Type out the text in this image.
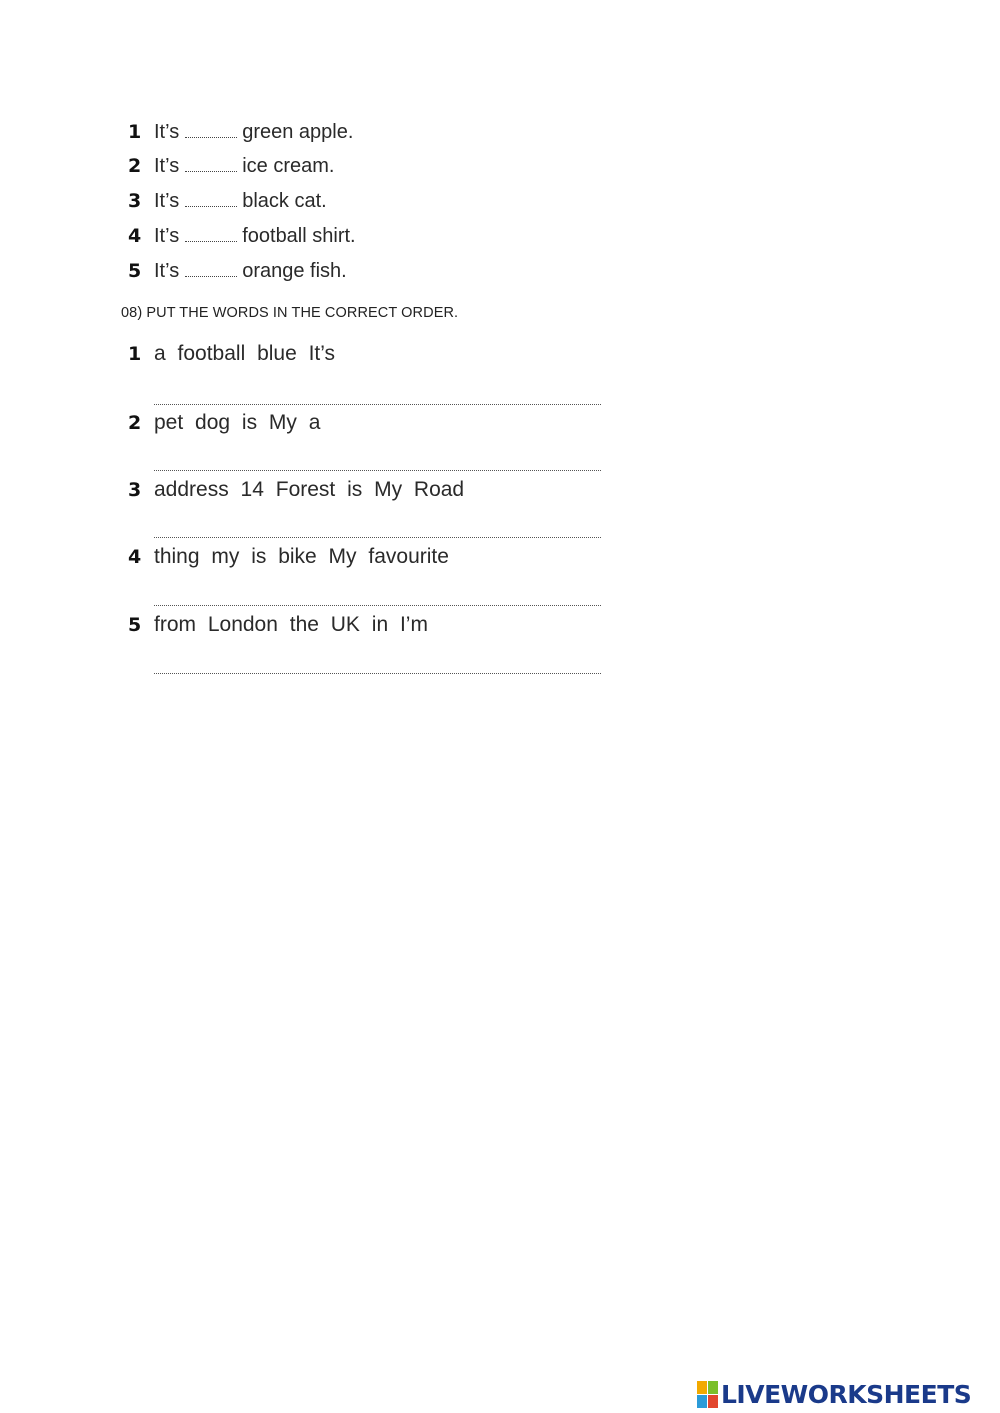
1 It’s	green apple.
2 It’s	ice cream.
3 It’s	black cat.
4 It’s	football shirt.
5 It’s	orange fish.
08) PUT THE WORDS IN THE CORRECT ORDER.
1 a football blue It’s
2 pet dog is My a
3 address 14 Forest is My Road
4 thing my is bike My favourite
5 from London the UK in I’m
LIVEWORKSHEETS
